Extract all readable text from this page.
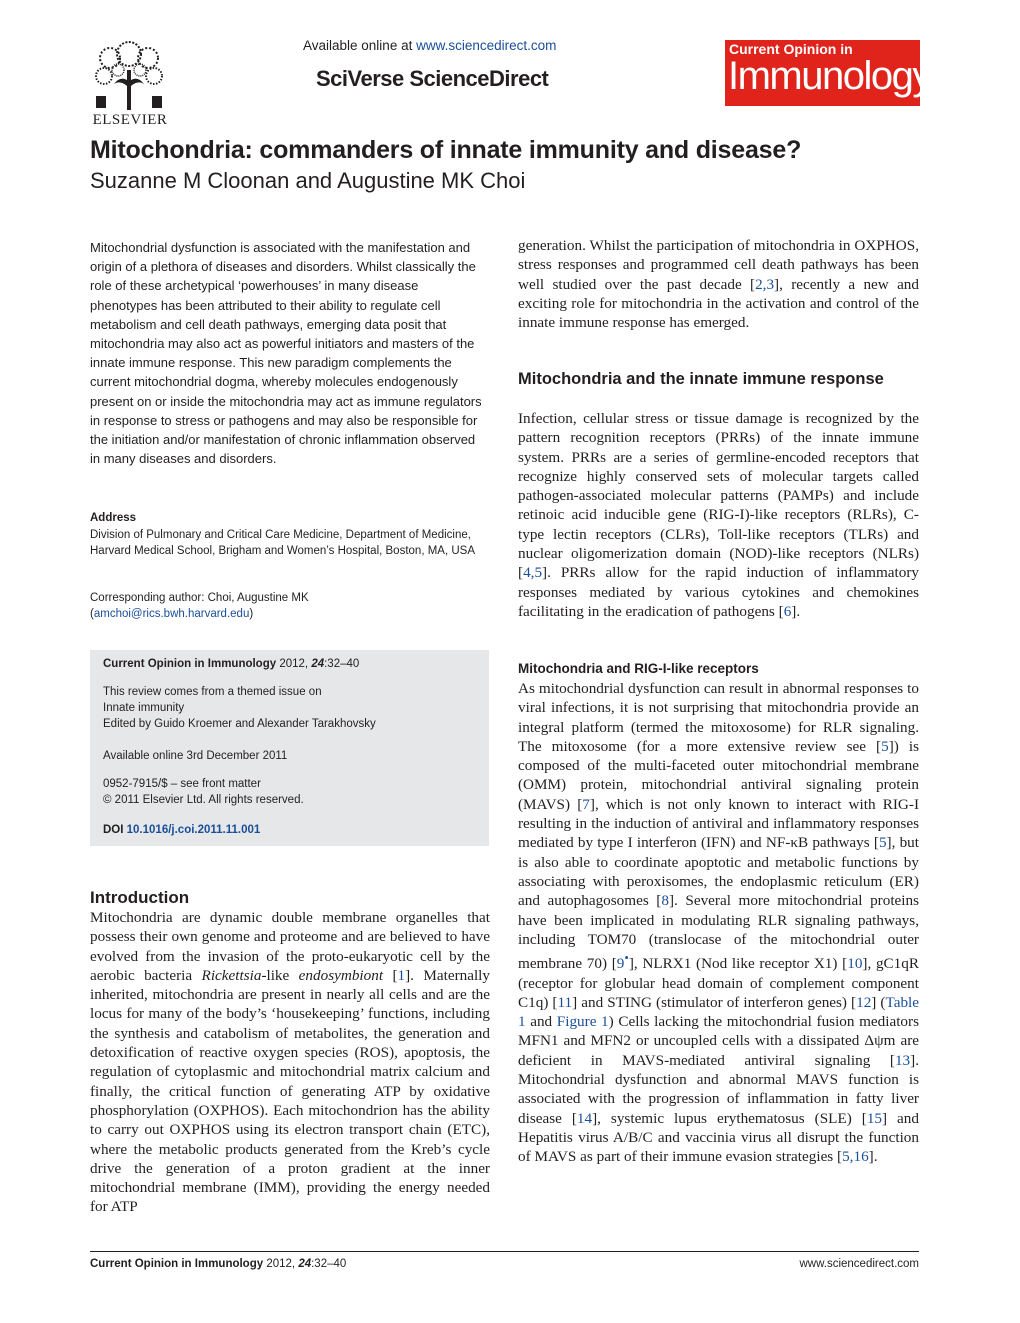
ELSEVIER
Available online at www.sciencedirect.com
SciVerse ScienceDirect
Current Opinion in
Immunology
Mitochondria: commanders of innate immunity and disease?
Suzanne M Cloonan and Augustine MK Choi
Mitochondrial dysfunction is associated with the manifestation and origin of a plethora of diseases and disorders. Whilst classically the role of these archetypical ‘powerhouses’ in many disease phenotypes has been attributed to their ability to regulate cell metabolism and cell death pathways, emerging data posit that mitochondria may also act as powerful initiators and masters of the innate immune response. This new paradigm complements the current mitochondrial dogma, whereby molecules endogenously present on or inside the mitochondria may act as immune regulators in response to stress or pathogens and may also be responsible for the initiation and/or manifestation of chronic inflammation observed in many diseases and disorders.
Address
Division of Pulmonary and Critical Care Medicine, Department of Medicine, Harvard Medical School, Brigham and Women’s Hospital, Boston, MA, USA
Corresponding author: Choi, Augustine MK
(amchoi@rics.bwh.harvard.edu)
Current Opinion in Immunology 2012, 24:32–40
This review comes from a themed issue on
Innate immunity
Edited by Guido Kroemer and Alexander Tarakhovsky
Available online 3rd December 2011
0952-7915/$ – see front matter
© 2011 Elsevier Ltd. All rights reserved.
DOI 10.1016/j.coi.2011.11.001
Introduction
Mitochondria are dynamic double membrane organelles that possess their own genome and proteome and are believed to have evolved from the invasion of the proto-eukaryotic cell by the aerobic bacteria Rickettsia-like endosymbiont [1]. Maternally inherited, mitochondria are present in nearly all cells and are the locus for many of the body’s ‘housekeeping’ functions, including the synthesis and catabolism of metabolites, the generation and detoxification of reactive oxygen species (ROS), apoptosis, the regulation of cytoplasmic and mitochondrial matrix calcium and finally, the critical function of generating ATP by oxidative phosphorylation (OXPHOS). Each mitochondrion has the ability to carry out OXPHOS using its electron transport chain (ETC), where the metabolic products generated from the Kreb’s cycle drive the generation of a proton gradient at the inner mitochondrial membrane (IMM), providing the energy needed for ATP
generation. Whilst the participation of mitochondria in OXPHOS, stress responses and programmed cell death pathways has been well studied over the past decade [2,3], recently a new and exciting role for mitochondria in the activation and control of the innate immune response has emerged.
Mitochondria and the innate immune response
Infection, cellular stress or tissue damage is recognized by the pattern recognition receptors (PRRs) of the innate immune system. PRRs are a series of germline-encoded receptors that recognize highly conserved sets of molecular targets called pathogen-associated molecular patterns (PAMPs) and include retinoic acid inducible gene (RIG-I)-like receptors (RLRs), C-type lectin receptors (CLRs), Toll-like receptors (TLRs) and nuclear oligomerization domain (NOD)-like receptors (NLRs) [4,5]. PRRs allow for the rapid induction of inflammatory responses mediated by various cytokines and chemokines facilitating in the eradication of pathogens [6].
Mitochondria and RIG-I-like receptors
As mitochondrial dysfunction can result in abnormal responses to viral infections, it is not surprising that mitochondria provide an integral platform (termed the mitoxosome) for RLR signaling. The mitoxosome (for a more extensive review see [5]) is composed of the multi-faceted outer mitochondrial membrane (OMM) protein, mitochondrial antiviral signaling protein (MAVS) [7], which is not only known to interact with RIG-I resulting in the induction of antiviral and inflammatory responses mediated by type I interferon (IFN) and NF-κB pathways [5], but is also able to coordinate apoptotic and metabolic functions by associating with peroxisomes, the endoplasmic reticulum (ER) and autophagosomes [8]. Several more mitochondrial proteins have been implicated in modulating RLR signaling pathways, including TOM70 (translocase of the mitochondrial outer membrane 70) [9•], NLRX1 (Nod like receptor X1) [10], gC1qR (receptor for globular head domain of complement component C1q) [11] and STING (stimulator of interferon genes) [12] (Table 1 and Figure 1) Cells lacking the mitochondrial fusion mediators MFN1 and MFN2 or uncoupled cells with a dissipated Δψm are deficient in MAVS-mediated antiviral signaling [13]. Mitochondrial dysfunction and abnormal MAVS function is associated with the progression of inflammation in fatty liver disease [14], systemic lupus erythematosus (SLE) [15] and Hepatitis virus A/B/C and vaccinia virus all disrupt the function of MAVS as part of their immune evasion strategies [5,16].
Current Opinion in Immunology 2012, 24:32–40	www.sciencedirect.com
